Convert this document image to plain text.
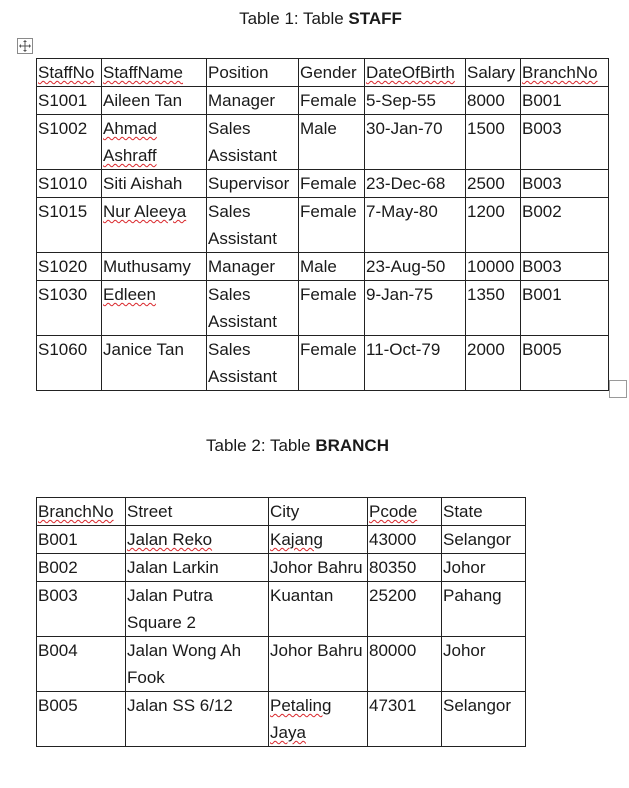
Table 1: Table STAFF
StaffNo	StaffName	Position	Gender	DateOfBirth	Salary	BranchNo
S1001	Aileen Tan	Manager	Female	5-Sep-55	8000	B001
S1002	Ahmad Ashraff	Sales Assistant	Male	30-Jan-70	1500	B003
S1010	Siti Aishah	Supervisor	Female	23-Dec-68	2500	B003
S1015	Nur Aleeya	Sales Assistant	Female	7-May-80	1200	B002
S1020	Muthusamy	Manager	Male	23-Aug-50	10000	B003
S1030	Edleen	Sales Assistant	Female	9-Jan-75	1350	B001
S1060	Janice Tan	Sales Assistant	Female	11-Oct-79	2000	B005
Table 2: Table BRANCH
BranchNo	Street	City	Pcode	State
B001	Jalan Reko	Kajang	43000	Selangor
B002	Jalan Larkin	Johor Bahru	80350	Johor
B003	Jalan Putra Square 2	Kuantan	25200	Pahang
B004	Jalan Wong Ah Fook	Johor Bahru	80000	Johor
B005	Jalan SS 6/12	Petaling Jaya	47301	Selangor
